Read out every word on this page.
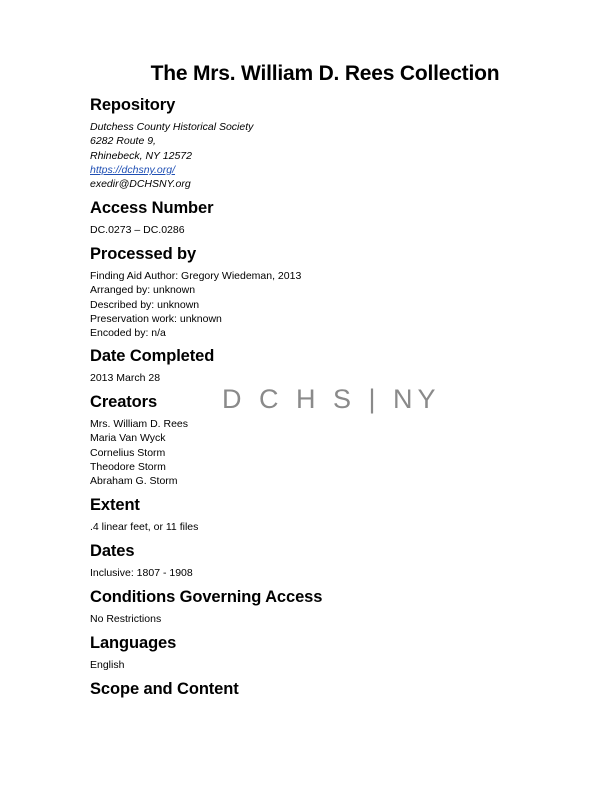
The Mrs. William D. Rees Collection
D C H S | NY
Repository
Dutchess County Historical Society
6282 Route 9,
Rhinebeck, NY 12572
https://dchsny.org/
exedir@DCHSNY.org
Access Number
DC.0273 – DC.0286
Processed by
Finding Aid Author: Gregory Wiedeman, 2013
Arranged by: unknown
Described by: unknown
Preservation work: unknown
Encoded by: n/a
Date Completed
2013 March 28
Creators
Mrs. William D. Rees
Maria Van Wyck
Cornelius Storm
Theodore Storm
Abraham G. Storm
Extent
.4 linear feet, or 11 files
Dates
Inclusive: 1807 - 1908
Conditions Governing Access
No Restrictions
Languages
English
Scope and Content
